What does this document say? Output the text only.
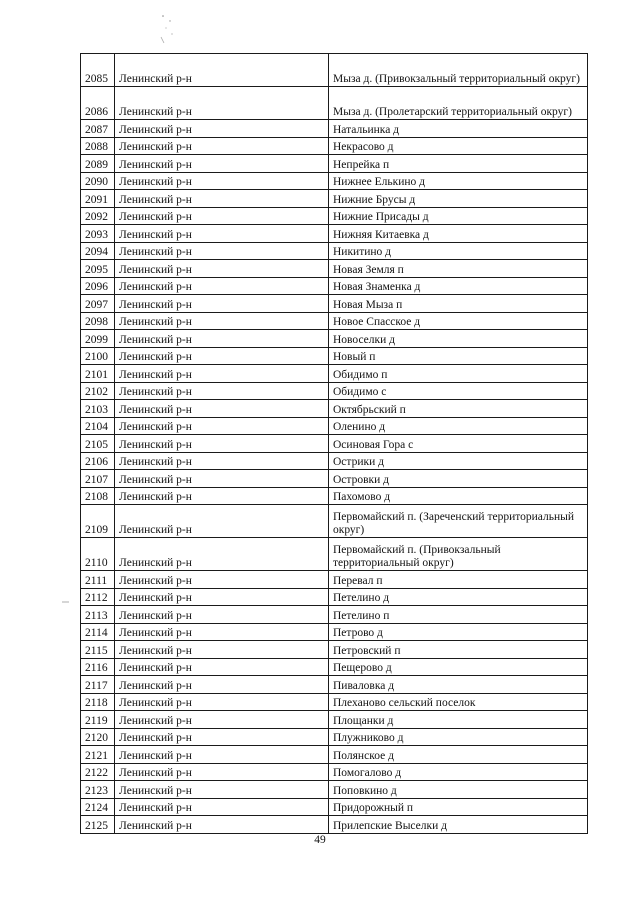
2085	Ленинский р-н	Мыза д. (Привокзальный территориальный округ)
2086	Ленинский р-н	Мыза д. (Пролетарский территориальный округ)
2087	Ленинский р-н	Натальинка д
2088	Ленинский р-н	Некрасово д
2089	Ленинский р-н	Непрейка п
2090	Ленинский р-н	Нижнее Елькино д
2091	Ленинский р-н	Нижние Брусы д
2092	Ленинский р-н	Нижние Присады д
2093	Ленинский р-н	Нижняя Китаевка д
2094	Ленинский р-н	Никитино д
2095	Ленинский р-н	Новая Земля п
2096	Ленинский р-н	Новая Знаменка д
2097	Ленинский р-н	Новая Мыза п
2098	Ленинский р-н	Новое Спасское д
2099	Ленинский р-н	Новоселки д
2100	Ленинский р-н	Новый п
2101	Ленинский р-н	Обидимо п
2102	Ленинский р-н	Обидимо с
2103	Ленинский р-н	Октябрьский п
2104	Ленинский р-н	Оленино д
2105	Ленинский р-н	Осиновая Гора с
2106	Ленинский р-н	Острики д
2107	Ленинский р-н	Островки д
2108	Ленинский р-н	Пахомово д
2109	Ленинский р-н	Первомайский п. (Зареченский территориальный округ)
2110	Ленинский р-н	Первомайский п. (Привокзальный территориальный округ)
2111	Ленинский р-н	Перевал п
2112	Ленинский р-н	Петелино д
2113	Ленинский р-н	Петелино п
2114	Ленинский р-н	Петрово д
2115	Ленинский р-н	Петровский п
2116	Ленинский р-н	Пещерово д
2117	Ленинский р-н	Пиваловка д
2118	Ленинский р-н	Плеханово сельский поселок
2119	Ленинский р-н	Площанки д
2120	Ленинский р-н	Плужниково д
2121	Ленинский р-н	Полянское д
2122	Ленинский р-н	Помогалово д
2123	Ленинский р-н	Поповкино д
2124	Ленинский р-н	Придорожный п
2125	Ленинский р-н	Прилепские Выселки д
49
